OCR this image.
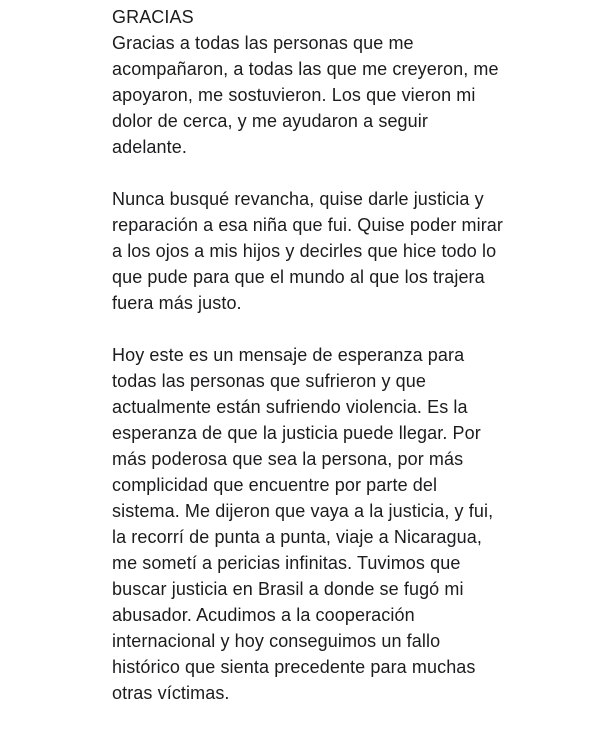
GRACIAS
Gracias a todas las personas que me
acompañaron, a todas las que me creyeron, me
apoyaron, me sostuvieron. Los que vieron mi
dolor de cerca, y me ayudaron a seguir
adelante.
Nunca busqué revancha, quise darle justicia y
reparación a esa niña que fui. Quise poder mirar
a los ojos a mis hijos y decirles que hice todo lo
que pude para que el mundo al que los trajera
fuera más justo.
Hoy este es un mensaje de esperanza para
todas las personas que sufrieron y que
actualmente están sufriendo violencia. Es la
esperanza de que la justicia puede llegar. Por
más poderosa que sea la persona, por más
complicidad que encuentre por parte del
sistema. Me dijeron que vaya a la justicia, y fui,
la recorrí de punta a punta, viaje a Nicaragua,
me sometí a pericias infinitas. Tuvimos que
buscar justicia en Brasil a donde se fugó mi
abusador. Acudimos a la cooperación
internacional y hoy conseguimos un fallo
histórico que sienta precedente para muchas
otras víctimas.
